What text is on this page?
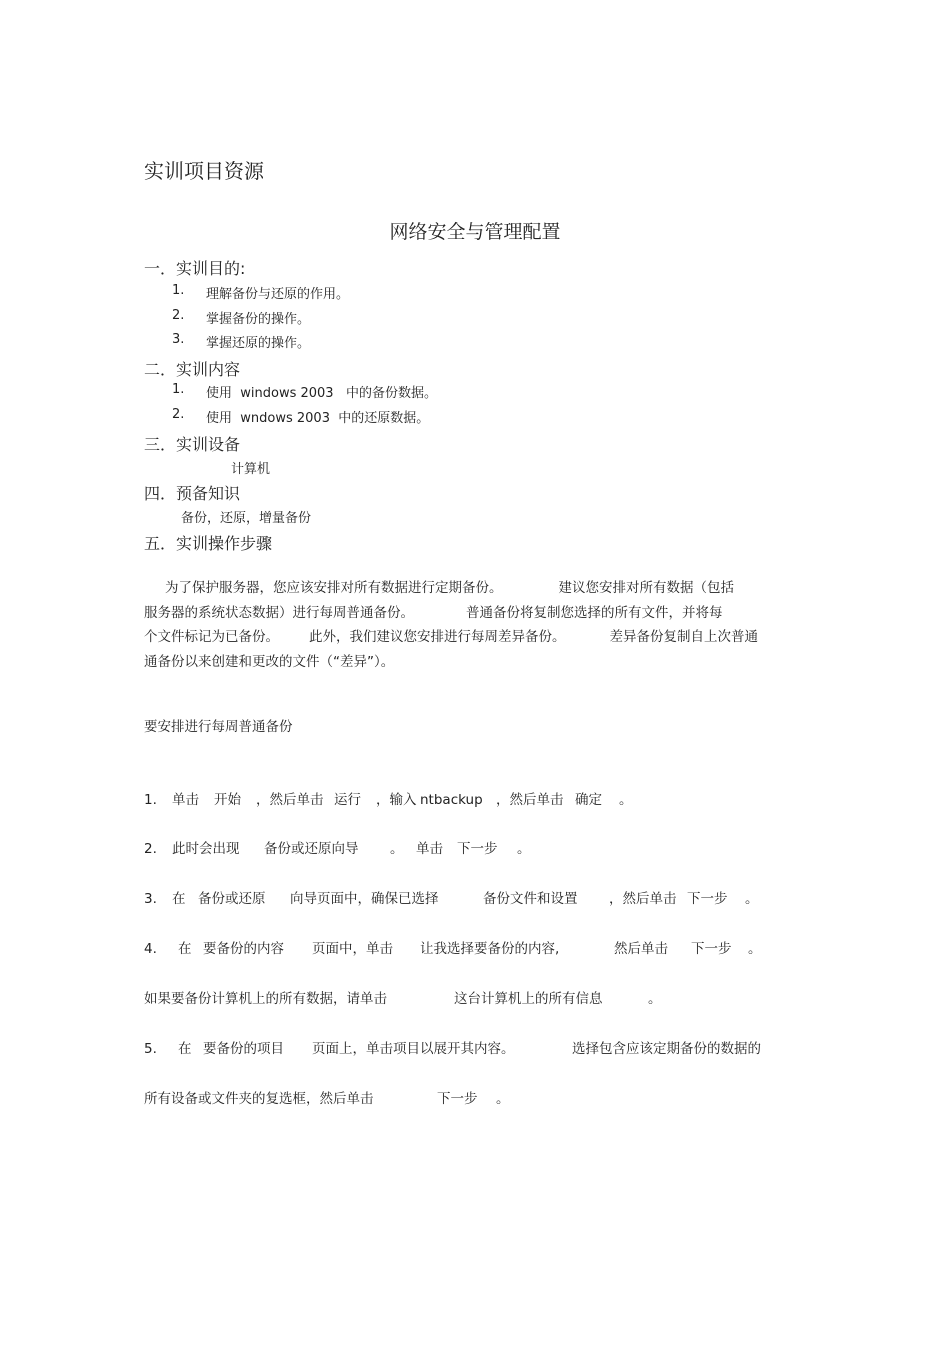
实训项目资源
网络安全与管理配置
一．实训目的:
1. 理解备份与还原的作用。
2. 掌握备份的操作。
3. 掌握还原的操作。
二．实训内容
1. 使用  windows 2003   中的备份数据。
2. 使用  wndows 2003  中的还原数据。
三．实训设备
计算机
四．预备知识
备份，还原，增量备份
五．实训操作步骤
为了保护服务器，您应该安排对所有数据进行定期备份。	建议您安排对所有数据（包括
服务器的系统状态数据）进行每周普通备份。	普通备份将复制您选择的所有文件，并将每
个文件标记为已备份。 此外，我们建议您安排进行每周差异备份。	差异备份复制自上次普通
通备份以来创建和更改的文件（“差异”）。
要安排进行每周普通备份
1. 单击 开始 ，然后单击 运行 ，输入 ntbackup ，然后单击 确定 。
2. 此时会出现 备份或还原向导 。 单击 下一步 。
3. 在 备份或还原 向导页面中，确保已选择	备份文件和设置 ，然后单击 下一步 。
4. 在 要备份的内容 页面中，单击 让我选择要备份的内容,	然后单击 下一步 。
如果要备份计算机上的所有数据，请单击	这台计算机上的所有信息	。
5. 在 要备份的项目 页面上，单击项目以展开其内容。	选择包含应该定期备份的数据的
所有设备或文件夹的复选框，然后单击	下一步 。
